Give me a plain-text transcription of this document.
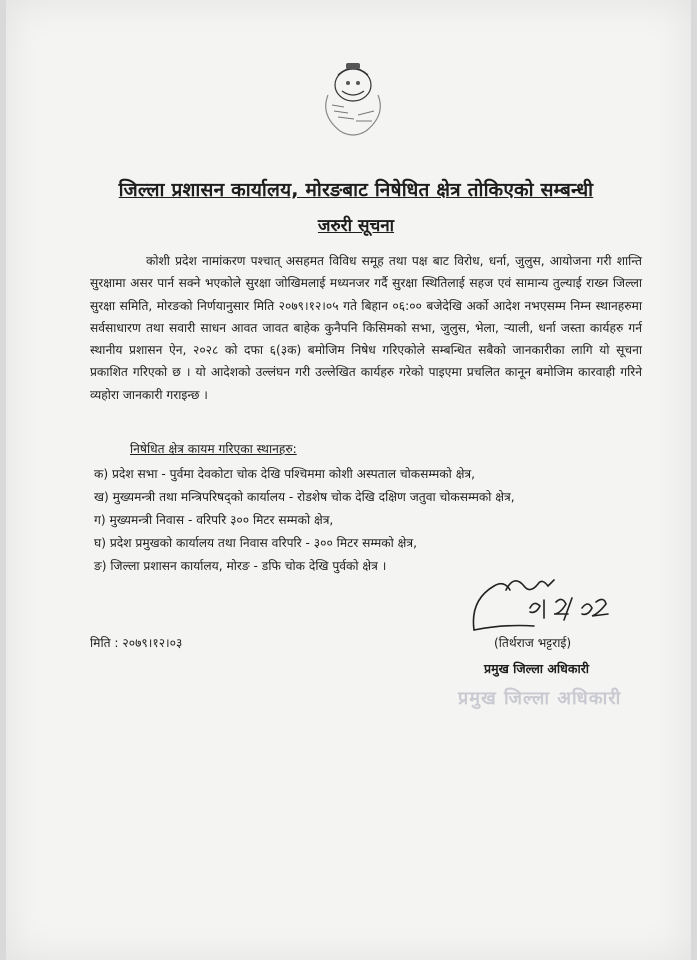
जिल्ला प्रशासन कार्यालय, मोरङबाट निषेधित क्षेत्र तोकिएको सम्बन्धी
जरुरी सूचना
कोशी प्रदेश नामांकरण पश्चात् असहमत विविध समूह तथा पक्ष बाट विरोध, धर्ना, जुलुस, आयोजना गरी शान्ति सुरक्षामा असर पार्न सक्ने भएकोले सुरक्षा जोखिमलाई मध्यनजर गर्दै सुरक्षा स्थितिलाई सहज एवं सामान्य तुल्याई राख्न जिल्ला सुरक्षा समिति, मोरङको निर्णयानुसार मिति २०७९।१२।०५ गते बिहान ०६:०० बजेदेखि अर्को आदेश नभएसम्म निम्न स्थानहरुमा सर्वसाधारण तथा सवारी साधन आवत जावत बाहेक कुनैपनि किसिमको सभा, जुलुस, भेला, र्‍याली, धर्ना जस्ता कार्यहरु गर्न स्थानीय प्रशासन ऐन, २०२८ को दफा ६(३क) बमोजिम निषेध गरिएकोले सम्बन्धित सबैको जानकारीका लागि यो सूचना प्रकाशित गरिएको छ । यो आदेशको उल्लंघन गरी उल्लेखित कार्यहरु गरेको पाइएमा प्रचलित कानून बमोजिम कारवाही गरिने व्यहोरा जानकारी गराइन्छ ।
निषेधित क्षेत्र कायम गरिएका स्थानहरु:
क) प्रदेश सभा - पुर्वमा देवकोटा चोक देखि पश्चिममा कोशी अस्पताल चोकसम्मको क्षेत्र,
ख) मुख्यमन्त्री तथा मन्त्रिपरिषद्को कार्यालय - रोडशेष चोक देखि दक्षिण जतुवा चोकसम्मको क्षेत्र,
ग) मुख्यमन्त्री निवास - वरिपरि ३०० मिटर सम्मको क्षेत्र,
घ) प्रदेश प्रमुखको कार्यालय तथा निवास वरिपरि - ३०० मिटर सम्मको क्षेत्र,
ङ) जिल्ला प्रशासन कार्यालय, मोरङ - डफि चोक देखि पुर्वको क्षेत्र ।
मिति : २०७९।१२।०३	(तिर्थराज भट्टराई)
प्रमुख जिल्ला अधिकारी
प्रमुख जिल्ला अधिकारी
